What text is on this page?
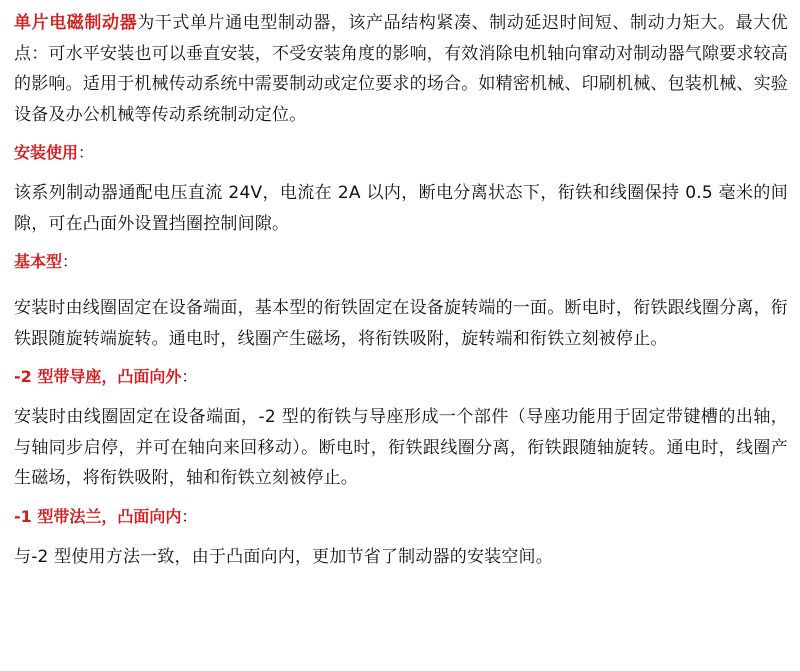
单片电磁制动器为干式单片通电型制动器，该产品结构紧凑、制动延迟时间短、制动力矩大。最大优点：可水平安装也可以垂直安装，不受安装角度的影响，有效消除电机轴向窜动对制动器气隙要求较高的影响。适用于机械传动系统中需要制动或定位要求的场合。如精密机械、印刷机械、包装机械、实验设备及办公机械等传动系统制动定位。

安装使用：

该系列制动器通配电压直流 24V，电流在 2A 以内，断电分离状态下，衔铁和线圈保持 0.5 毫米的间隙，可在凸面外设置挡圈控制间隙。

基本型：

安装时由线圈固定在设备端面，基本型的衔铁固定在设备旋转端的一面。断电时，衔铁跟线圈分离，衔铁跟随旋转端旋转。通电时，线圈产生磁场，将衔铁吸附，旋转端和衔铁立刻被停止。

-2 型带导座，凸面向外：

安装时由线圈固定在设备端面，-2 型的衔铁与导座形成一个部件（导座功能用于固定带键槽的出轴，与轴同步启停，并可在轴向来回移动）。断电时，衔铁跟线圈分离，衔铁跟随轴旋转。通电时，线圈产生磁场，将衔铁吸附，轴和衔铁立刻被停止。

-1 型带法兰，凸面向内：

与-2 型使用方法一致，由于凸面向内，更加节省了制动器的安装空间。
